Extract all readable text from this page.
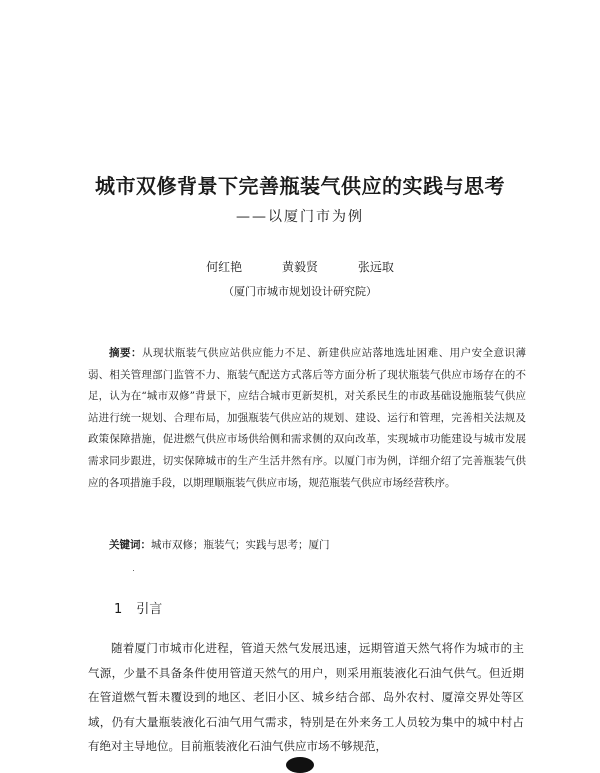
城市双修背景下完善瓶装气供应的实践与思考
——以厦门市为例
何红艳	黄毅贤	张远取
（厦门市城市规划设计研究院）
摘要：从现状瓶装气供应站供应能力不足、新建供应站落地选址困难、用户安全意识薄弱、相关管理部门监管不力、瓶装气配送方式落后等方面分析了现状瓶装气供应市场存在的不足，认为在“城市双修”背景下，应结合城市更新契机，对关系民生的市政基础设施瓶装气供应站进行统一规划、合理布局，加强瓶装气供应站的规划、建设、运行和管理，完善相关法规及政策保障措施，促进燃气供应市场供给侧和需求侧的双向改革，实现城市功能建设与城市发展需求同步跟进，切实保障城市的生产生活井然有序。以厦门市为例，详细介绍了完善瓶装气供应的各项措施手段，以期理顺瓶装气供应市场，规范瓶装气供应市场经营秩序。
关键词：城市双修；瓶装气；实践与思考；厦门
1 引言
随着厦门市城市化进程，管道天然气发展迅速，远期管道天然气将作为城市的主气源，少量不具备条件使用管道天然气的用户，则采用瓶装液化石油气供气。但近期在管道燃气暂未覆设到的地区、老旧小区、城乡结合部、岛外农村、厦漳交界处等区域，仍有大量瓶装液化石油气用气需求，特别是在外来务工人员较为集中的城中村占有绝对主导地位。目前瓶装液化石油气供应市场不够规范，
